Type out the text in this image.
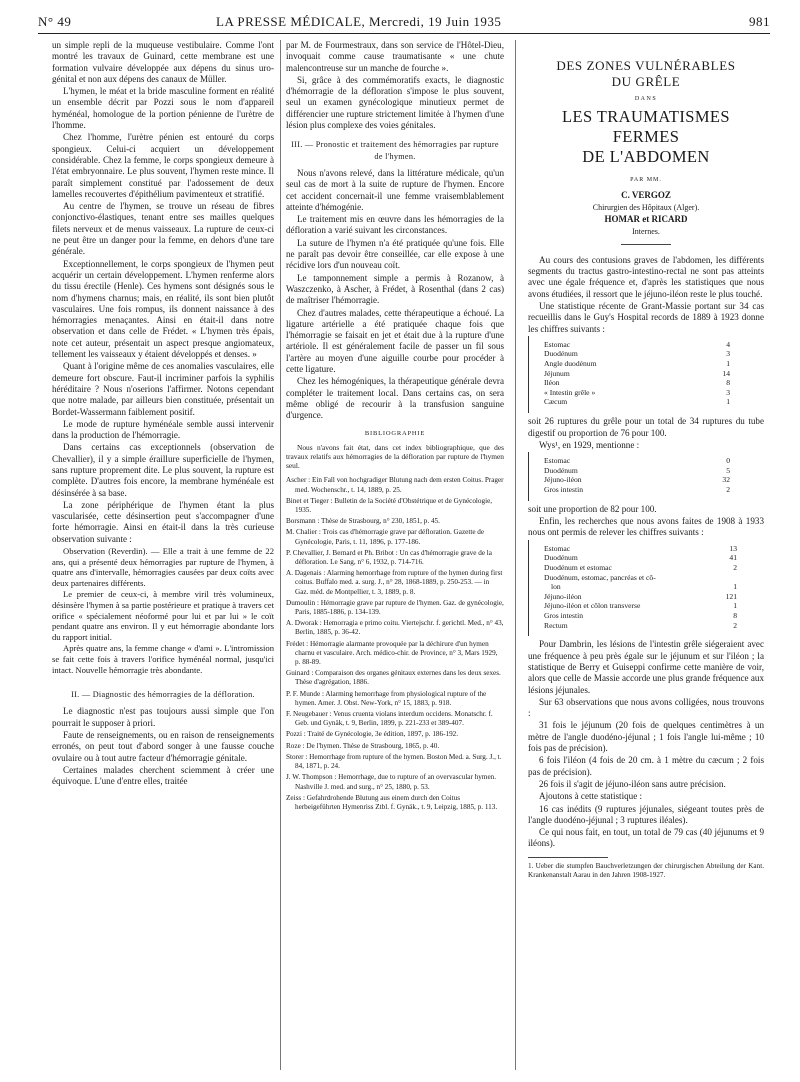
N° 49	LA PRESSE MÉDICALE, Mercredi, 19 Juin 1935	981

un simple repli de la muqueuse vestibulaire. Comme l'ont montré les travaux de Guinard, cette membrane est une formation vulvaire développée aux dépens du sinus uro-génital et non aux dépens des canaux de Müller.

L'hymen, le méat et la bride masculine forment en réalité un ensemble décrit par Pozzi sous le nom d'appareil hyménéal, homologue de la portion pénienne de l'urètre de l'homme.

Chez l'homme, l'urètre pénien est entouré du corps spongieux. Celui-ci acquiert un développement considérable. Chez la femme, le corps spongieux demeure à l'état embryonnaire. Le plus souvent, l'hymen reste mince. Il paraît simplement constitué par l'adossement de deux lamelles recouvertes d'épithélium pavimenteux et stratifié.

Au centre de l'hymen, se trouve un réseau de fibres conjonctivo-élastiques, tenant entre ses mailles quelques filets nerveux et de menus vaisseaux. La rupture de ceux-ci ne peut être un danger pour la femme, en dehors d'une tare générale.

Exceptionnellement, le corps spongieux de l'hymen peut acquérir un certain développement. L'hymen renferme alors du tissu érectile (Henle). Ces hymens sont désignés sous le nom d'hymens charnus; mais, en réalité, ils sont bien plutôt vasculaires. Une fois rompus, ils donnent naissance à des hémorragies menaçantes. Ainsi en était-il dans notre observation et dans celle de Frédet. « L'hymen très épais, note cet auteur, présentait un aspect presque angiomateux, tellement les vaisseaux y étaient développés et denses. »

Quant à l'origine même de ces anomalies vasculaires, elle demeure fort obscure. Faut-il incriminer parfois la syphilis héréditaire ? Nous n'oserions l'affirmer. Notons cependant que notre malade, par ailleurs bien constituée, présentait un Bordet-Wassermann faiblement positif.

Le mode de rupture hyménéale semble aussi intervenir dans la production de l'hémorragie.

Dans certains cas exceptionnels (observation de Chevallier), il y a simple éraillure superficielle de l'hymen, sans rupture proprement dite. Le plus souvent, la rupture est complète. D'autres fois encore, la membrane hyménéale est désinsérée à sa base.

La zone périphérique de l'hymen étant la plus vascularisée, cette désinsertion peut s'accompagner d'une forte hémorragie. Ainsi en était-il dans la très curieuse observation suivante :

Observation (Reverdin). — Elle a trait à une femme de 22 ans, qui a présenté deux hémorragies par rupture de l'hymen, à quatre ans d'intervalle, hémorragies causées par deux coïts avec deux partenaires différents.

Le premier de ceux-ci, à membre viril très volumineux, désinsère l'hymen à sa partie postérieure et pratique à travers cet orifice « spécialement néoformé pour lui et par lui » le coït pendant quatre ans environ. Il y eut hémorragie abondante lors du rapport initial.

Après quatre ans, la femme change « d'ami ». L'intromission se fait cette fois à travers l'orifice hyménéal normal, jusqu'ici intact. Nouvelle hémorragie très abondante.

II. — Diagnostic des hémorragies de la défloration.

Le diagnostic n'est pas toujours aussi simple que l'on pourrait le supposer à priori.

Faute de renseignements, ou en raison de renseignements erronés, on peut tout d'abord songer à une fausse couche ovulaire ou à tout autre facteur d'hémorragie génitale.

Certaines malades cherchent sciemment à créer une équivoque. L'une d'entre elles, traitée

par M. de Fourmestraux, dans son service de l'Hôtel-Dieu, invoquait comme cause traumatisante « une chute malencontreuse sur un manche de fourche ».

Si, grâce à des commémoratifs exacts, le diagnostic d'hémorragie de la défloration s'impose le plus souvent, seul un examen gynécologique minutieux permet de différencier une rupture strictement limitée à l'hymen d'une lésion plus complexe des voies génitales.

III. — Pronostic et traitement des hémorragies par rupture de l'hymen.

Nous n'avons relevé, dans la littérature médicale, qu'un seul cas de mort à la suite de rupture de l'hymen. Encore cet accident concernait-il une femme vraisemblablement atteinte d'hémogénie.

Le traitement mis en œuvre dans les hémorragies de la défloration a varié suivant les circonstances.

La suture de l'hymen n'a été pratiquée qu'une fois. Elle ne paraît pas devoir être conseillée, car elle expose à une récidive lors d'un nouveau coït.

Le tamponnement simple a permis à Rozanow, à Waszczenko, à Ascher, à Frédet, à Rosenthal (dans 2 cas) de maîtriser l'hémorragie.

Chez d'autres malades, cette thérapeutique a échoué. La ligature artérielle a été pratiquée chaque fois que l'hémorragie se faisait en jet et était due à la rupture d'une artériole. Il est généralement facile de passer un fil sous l'artère au moyen d'une aiguille courbe pour procéder à cette ligature.

Chez les hémogéniques, la thérapeutique générale devra compléter le traitement local. Dans certains cas, on sera même obligé de recourir à la transfusion sanguine d'urgence.

BIBLIOGRAPHIE

Nous n'avons fait état, dans cet index bibliographique, que des travaux relatifs aux hémorragies de la défloration par rupture de l'hymen seul.

Ascher : Ein Fall von hochgradiger Blutung nach dem ersten Coitus. Prager med. Wochenschr., t. 14, 1889, p. 25.

Binet et Tieger : Bulletin de la Société d'Obstétrique et de Gynécologie, 1935.

Borsmann : Thèse de Strasbourg, n° 230, 1851, p. 45.

M. Chalier : Trois cas d'hémorragie grave par défloration. Gazette de Gynécologie, Paris, t. 11, 1896, p. 177-186.

P. Chevallier, J. Bernard et Ph. Bribot : Un cas d'hémorragie grave de la défloration. Le Sang, n° 6, 1932, p. 714-716.

A. Dagenais : Alarming hemorrhage from rupture of the hymen during first coitus. Buffalo med. a. surg. J., n° 28, 1868-1889, p. 250-253. — in Gaz. méd. de Montpellier, t. 3, 1889, p. 8.

Dumoulin : Hémorragie grave par rupture de l'hymen. Gaz. de gynécologie, Paris, 1885-1886, p. 134-139.

A. Dworak : Hemorragia e primo coitu. Viertejschr. f. gerichtl. Med., n° 43, Berlin, 1885, p. 36-42.

Frédet : Hémorragie alarmante provoquée par la déchirure d'un hymen charnu et vasculaire. Arch. médico-chir. de Province, n° 3, Mars 1929, p. 88-89.

Guinard : Comparaison des organes génitaux externes dans les deux sexes. Thèse d'agrégation, 1886.

P. F. Munde : Alarming hemorrhage from physiological rupture of the hymen. Amer. J. Obst. New-York, n° 15, 1883, p. 918.

F. Neugebauer : Venus cruenta violans interdum occidens. Monatschr. f. Geb. und Gynäk, t. 9, Berlin, 1899, p. 221-233 et 389-407.

Pozzi : Traité de Gynécologie, 3e édition, 1897, p. 186-192.

Roze : De l'hymen. Thèse de Strasbourg, 1865, p. 40.

Storer : Hemorrhage from rupture of the hymen. Boston Med. a. Surg. J., t. 84, 1871, p. 24.

J. W. Thompson : Hemorrhage, due to rupture of an overvascular hymen. Nashville J. med. and surg., n° 25, 1880, p. 53.

Zeiss : Gefahrdrohende Blutung aus einem durch den Coitus herbeigeführten Hymenriss Ztbl. f. Gynäk., t. 9, Leipzig, 1885, p. 113.

DES ZONES VULNÉRABLES
DU GRÊLE
DANS
LES TRAUMATISMES FERMES
DE L'ABDOMEN
PAR MM.
C. VERGOZ
Chirurgien des Hôpitaux (Alger).
HOMAR et RICARD
Internes.

Au cours des contusions graves de l'abdomen, les différents segments du tractus gastro-intestino-rectal ne sont pas atteints avec une égale fréquence et, d'après les statistiques que nous avons étudiées, il ressort que le jéjuno-iléon reste le plus touché.

Une statistique récente de Grant-Massie portant sur 34 cas recueillis dans le Guy's Hospital records de 1889 à 1923 donne les chiffres suivants :

Estomac	4
Duodénum	3
Angle duodénum	1
Jéjunum	14
Iléon	8
« Intestin grêle »	3
Cæcum	1

soit 26 ruptures du grêle pour un total de 34 ruptures du tube digestif ou proportion de 76 pour 100.

Wys¹, en 1929, mentionne :

Estomac	0
Duodénum	5
Jéjuno-iléon	32
Gros intestin	2

soit une proportion de 82 pour 100.

Enfin, les recherches que nous avons faites de 1908 à 1933 nous ont permis de relever les chiffres suivants :

Estomac	13
Duodénum	41
Duodénum et estomac	2
Duodénum, estomac, pancréas et cô-	
lon	1
Jéjuno-iléon	121
Jéjuno-iléon et côlon transverse	1
Gros intestin	8
Rectum	2

Pour Dambrin, les lésions de l'intestin grêle siégeraient avec une fréquence à peu près égale sur le jéjunum et sur l'iléon ; la statistique de Berry et Guiseppi confirme cette manière de voir, alors que celle de Massie accorde une plus grande fréquence aux lésions jéjunales.

Sur 63 observations que nous avons colligées, nous trouvons :

31 fois le jéjunum (20 fois de quelques centimètres à un mètre de l'angle duodéno-jéjunal ; 1 fois l'angle lui-même ; 10 fois pas de précision).

6 fois l'iléon (4 fois de 20 cm. à 1 mètre du cæcum ; 2 fois pas de précision).

26 fois il s'agit de jéjuno-iléon sans autre précision.

Ajoutons à cette statistique :

16 cas inédits (9 ruptures jéjunales, siégeant toutes près de l'angle duodéno-jéjunal ; 3 ruptures iléales).

Ce qui nous fait, en tout, un total de 79 cas (40 jéjunums et 9 iléons).

1. Ueber die stumpfen Bauchverletzungen der chirurgischen Abteilung der Kant. Krankenanstalt Aarau in den Jahren 1908-1927.
